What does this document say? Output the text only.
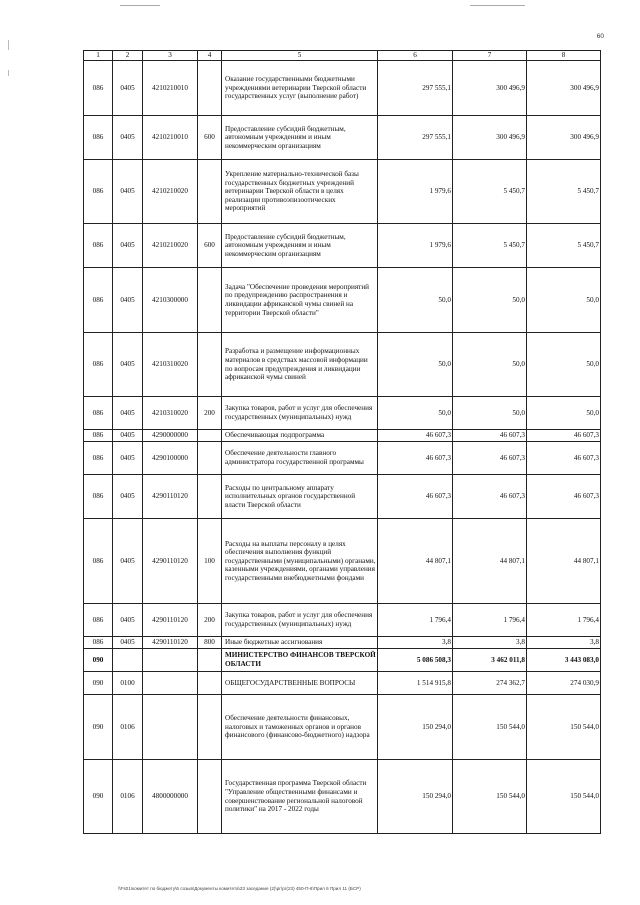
60
1	2	3	4	5	6	7	8
086	0405	4210210010		Оказание государственными бюджетными учреждениями ветеринарии Тверской области государственных услуг (выполнение работ)	297 555,1	300 496,9	300 496,9
086	0405	4210210010	600	Предоставление субсидий бюджетным, автономным учреждениям и иным некоммерческим организациям	297 555,1	300 496,9	300 496,9
086	0405	4210210020		Укрепление материально-технической базы государственных бюджетных учреждений ветеринарии Тверской области в целях реализации противоэпизоотических мероприятий	1 979,6	5 450,7	5 450,7
086	0405	4210210020	600	Предоставление субсидий бюджетным, автономным учреждениям и иным некоммерческим организациям	1 979,6	5 450,7	5 450,7
086	0405	4210300000		Задача "Обеспечение проведения мероприятий по предупреждению распространения и ликвидации африканской чумы свиней на территории Тверской области"	50,0	50,0	50,0
086	0405	4210310020		Разработка и размещение информационных материалов в средствах массовой информации по вопросам предупреждения и ликвидации африканской чумы свиней	50,0	50,0	50,0
086	0405	4210310020	200	Закупка товаров, работ и услуг для обеспечения государственных (муниципальных) нужд	50,0	50,0	50,0
086	0405	4290000000		Обеспечивающая подпрограмма	46 607,3	46 607,3	46 607,3
086	0405	4290100000		Обеспечение деятельности главного администратора государственной программы	46 607,3	46 607,3	46 607,3
086	0405	4290110120		Расходы по центральному аппарату исполнительных органов государственной власти Тверской области	46 607,3	46 607,3	46 607,3
086	0405	4290110120	100	Расходы на выплаты персоналу в целях обеспечения выполнения функций государственными (муниципальными) органами, казенными учреждениями, органами управления государственными внебюджетными фондами	44 807,1	44 807,1	44 807,1
086	0405	4290110120	200	Закупка товаров, работ и услуг для обеспечения государственных (муниципальных) нужд	1 796,4	1 796,4	1 796,4
086	0405	4290110120	800	Иные бюджетные ассигнования	3,8	3,8	3,8
090				МИНИСТЕРСТВО ФИНАНСОВ ТВЕРСКОЙ ОБЛАСТИ	5 086 508,3	3 462 011,8	3 443 083,0
090	0100			ОБЩЕГОСУДАРСТВЕННЫЕ ВОПРОСЫ	1 514 915,8	274 362,7	274 030,9
090	0106			Обеспечение деятельности финансовых, налоговых и таможенных органов и органов финансового (финансово-бюджетного) надзора	150 294,0	150 544,0	150 544,0
090	0106	4800000000		Государственная программа Тверской области "Управление общественными финансами и совершенствование региональной налоговой политики" на 2017 - 2022 годы	150 294,0	150 544,0	150 544,0
\\Fs01\комитет по бюджету\6 созыв\Документы комитета\23 заседание (2)\рг\рг(23) 450-П-6\Прил 6 Прил 11 (БСР)
